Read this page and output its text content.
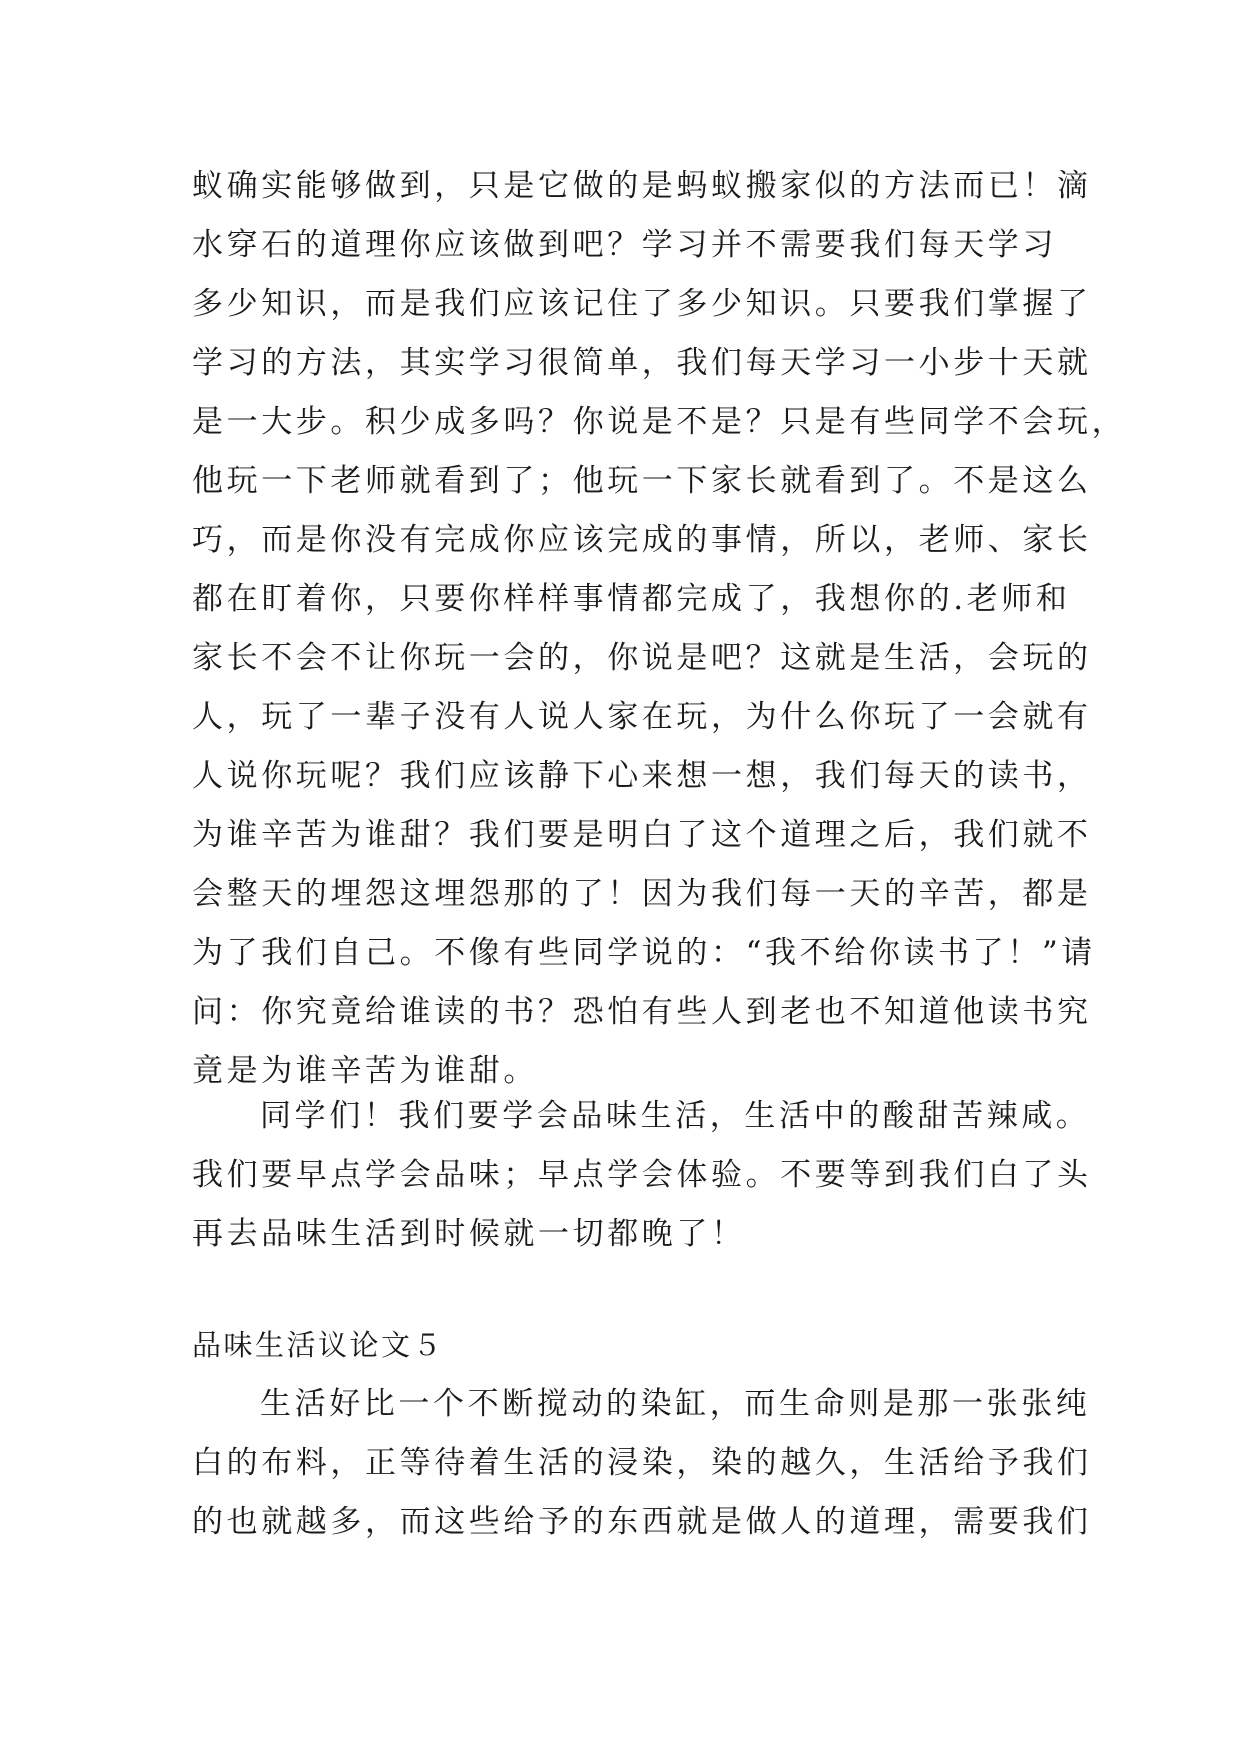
蚁确实能够做到，只是它做的是蚂蚁搬家似的方法而已！滴
水穿石的道理你应该做到吧？学习并不需要我们每天学习
多少知识，而是我们应该记住了多少知识。只要我们掌握了
学习的方法，其实学习很简单，我们每天学习一小步十天就
是一大步。积少成多吗？你说是不是？只是有些同学不会玩，
他玩一下老师就看到了；他玩一下家长就看到了。不是这么
巧，而是你没有完成你应该完成的事情，所以，老师、家长
都在盯着你，只要你样样事情都完成了，我想你的.老师和
家长不会不让你玩一会的，你说是吧？这就是生活，会玩的
人，玩了一辈子没有人说人家在玩，为什么你玩了一会就有
人说你玩呢？我们应该静下心来想一想，我们每天的读书，
为谁辛苦为谁甜？我们要是明白了这个道理之后，我们就不
会整天的埋怨这埋怨那的了！因为我们每一天的辛苦，都是
为了我们自己。不像有些同学说的：“我不给你读书了！”请
问：你究竟给谁读的书？恐怕有些人到老也不知道他读书究
竟是为谁辛苦为谁甜。
同学们！我们要学会品味生活，生活中的酸甜苦辣咸。
我们要早点学会品味；早点学会体验。不要等到我们白了头
再去品味生活到时候就一切都晚了！
品味生活议论文５
生活好比一个不断搅动的染缸，而生命则是那一张张纯
白的布料，正等待着生活的浸染，染的越久，生活给予我们
的也就越多，而这些给予的东西就是做人的道理，需要我们
